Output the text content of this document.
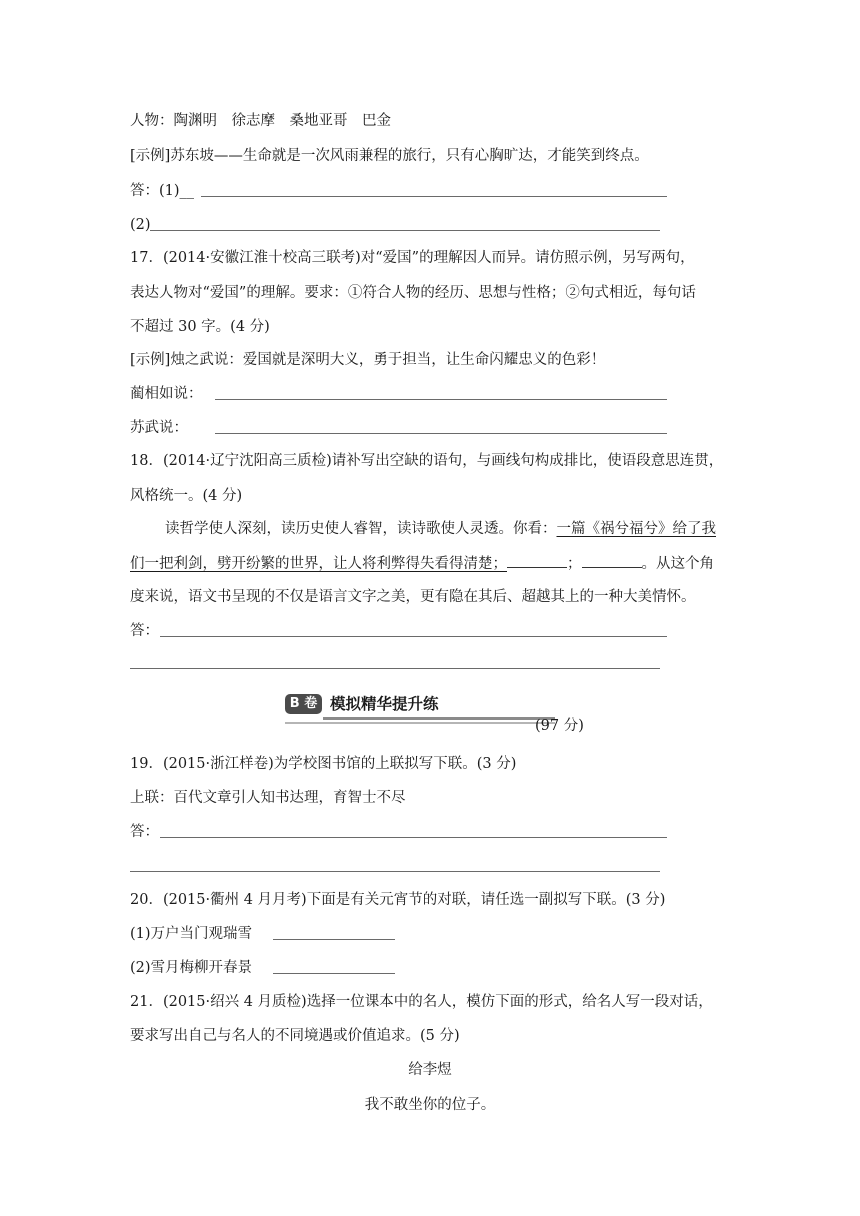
人物：陶渊明　徐志摩　桑地亚哥　巴金
[示例]苏东坡——生命就是一次风雨兼程的旅行，只有心胸旷达，才能笑到终点。
答：(1)__
(2)
17．(2014·安徽江淮十校高三联考)对“爱国”的理解因人而异。请仿照示例，另写两句，
表达人物对“爱国”的理解。要求：①符合人物的经历、思想与性格；②句式相近，每句话
不超过 30 字。(4 分)
[示例]烛之武说：爱国就是深明大义，勇于担当，让生命闪耀忠义的色彩！
蔺相如说：
苏武说：
18．(2014·辽宁沈阳高三质检)请补写出空缺的语句，与画线句构成排比，使语段意思连贯，
风格统一。(4 分)
读哲学使人深刻，读历史使人睿智，读诗歌使人灵透。你看：一篇《祸兮福兮》给了我
们一把利剑，劈开纷繁的世界，让人将利弊得失看得清楚；	；	。从这个角
度来说，语文书呈现的不仅是语言文字之美，更有隐在其后、超越其上的一种大美情怀。
答：
B 卷 模拟精华提升练
(97 分)
19．(2015·浙江样卷)为学校图书馆的上联拟写下联。(3 分)
上联：百代文章引人知书达理，育智士不尽
答：
20．(2015·衢州 4 月月考)下面是有关元宵节的对联，请任选一副拟写下联。(3 分)
(1)万户当门观瑞雪
(2)雪月梅柳开春景
21．(2015·绍兴 4 月质检)选择一位课本中的名人，模仿下面的形式，给名人写一段对话，
要求写出自己与名人的不同境遇或价值追求。(5 分)
给李煜
我不敢坐你的位子。
